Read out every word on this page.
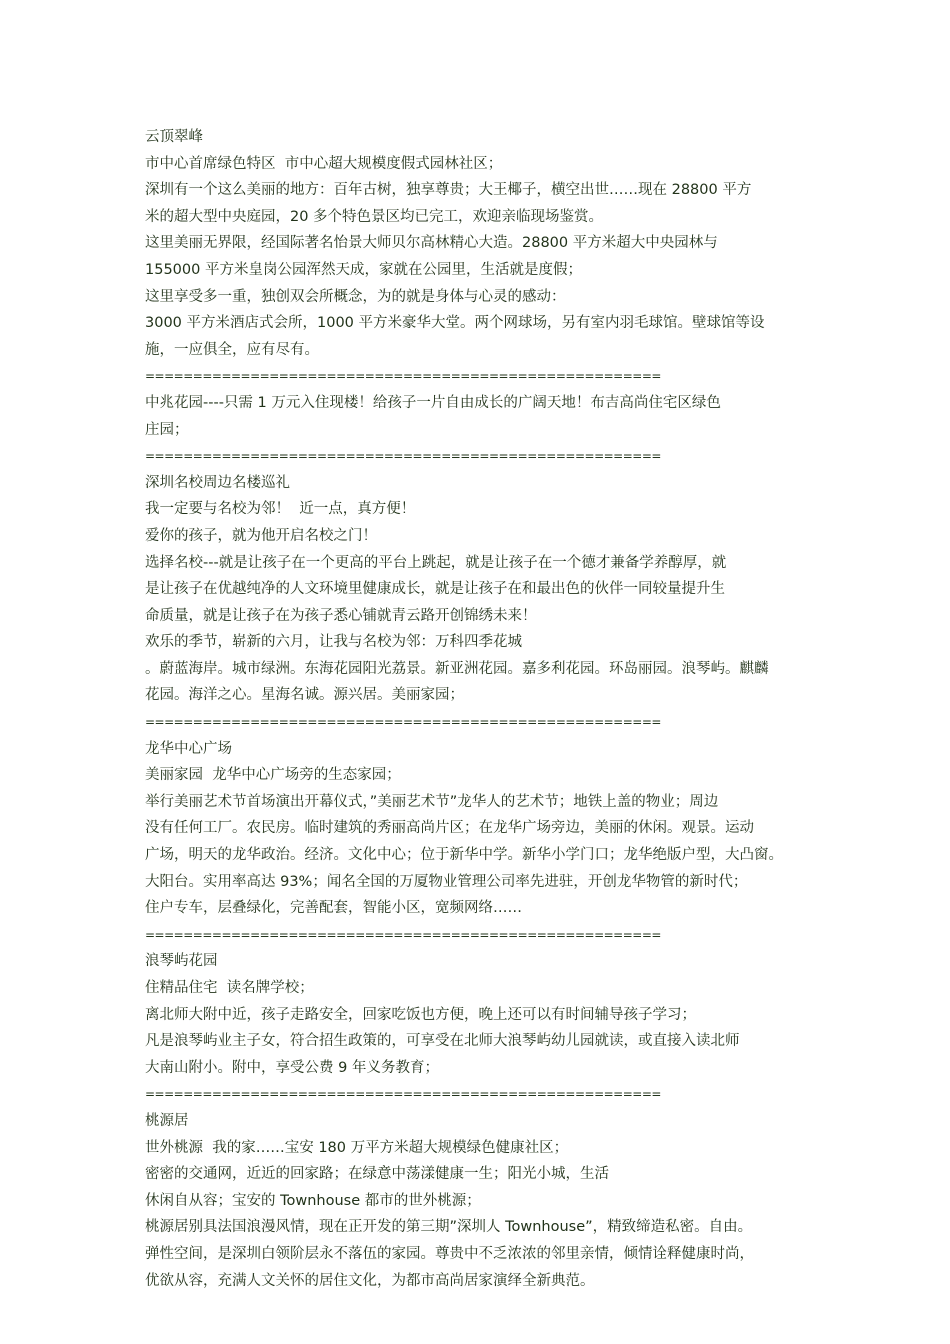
云顶翠峰
市中心首席绿色特区  市中心超大规模度假式园林社区；
深圳有一个这么美丽的地方：百年古树，独享尊贵；大王椰子，横空出世……现在 28800 平方
米的超大型中央庭园，20 多个特色景区均已完工，欢迎亲临现场鉴赏。
这里美丽无界限，经国际著名怡景大师贝尔高林精心大造。28800 平方米超大中央园林与
155000 平方米皇岗公园浑然天成，家就在公园里，生活就是度假；
这里享受多一重，独创双会所概念，为的就是身体与心灵的感动：
3000 平方米酒店式会所，1000 平方米豪华大堂。两个网球场，另有室内羽毛球馆。壁球馆等设
施，一应俱全，应有尽有。
======================================================
中兆花园----只需 1 万元入住现楼！给孩子一片自由成长的广阔天地！布吉高尚住宅区绿色
庄园；
======================================================
深圳名校周边名楼巡礼
我一定要与名校为邻！  近一点，真方便！
爱你的孩子，就为他开启名校之门！
选择名校---就是让孩子在一个更高的平台上跳起，就是让孩子在一个德才兼备学养醇厚，就
是让孩子在优越纯净的人文环境里健康成长，就是让孩子在和最出色的伙伴一同较量提升生
命质量，就是让孩子在为孩子悉心铺就青云路开创锦绣未来！
欢乐的季节，崭新的六月，让我与名校为邻：万科四季花城
。蔚蓝海岸。城市绿洲。东海花园阳光荔景。新亚洲花园。嘉多利花园。环岛丽园。浪琴屿。麒麟
花园。海洋之心。星海名诚。源兴居。美丽家园；
======================================================
龙华中心广场
美丽家园  龙华中心广场旁的生态家园；
举行美丽艺术节首场演出开幕仪式，”美丽艺术节”龙华人的艺术节；地铁上盖的物业；周边
没有任何工厂。农民房。临时建筑的秀丽高尚片区；在龙华广场旁边，美丽的休闲。观景。运动
广场，明天的龙华政治。经济。文化中心；位于新华中学。新华小学门口；龙华绝版户型，大凸窗。
大阳台。实用率高达 93%；闻名全国的万厦物业管理公司率先进驻，开创龙华物管的新时代；
住户专车，层叠绿化，完善配套，智能小区，宽频网络……
======================================================
浪琴屿花园
住精品住宅  读名牌学校；
离北师大附中近，孩子走路安全，回家吃饭也方便，晚上还可以有时间辅导孩子学习；
凡是浪琴屿业主子女，符合招生政策的，可享受在北师大浪琴屿幼儿园就读，或直接入读北师
大南山附小。附中，享受公费 9 年义务教育；
======================================================
桃源居
世外桃源  我的家……宝安 180 万平方米超大规模绿色健康社区；
密密的交通网，近近的回家路；在绿意中荡漾健康一生；阳光小城，生活
休闲自从容；宝安的 Townhouse 都市的世外桃源；
桃源居别具法国浪漫风情，现在正开发的第三期”深圳人 Townhouse”，精致缔造私密。自由。
弹性空间，是深圳白领阶层永不落伍的家园。尊贵中不乏浓浓的邻里亲情，倾情诠释健康时尚，
优欲从容，充满人文关怀的居住文化，为都市高尚居家演绎全新典范。
